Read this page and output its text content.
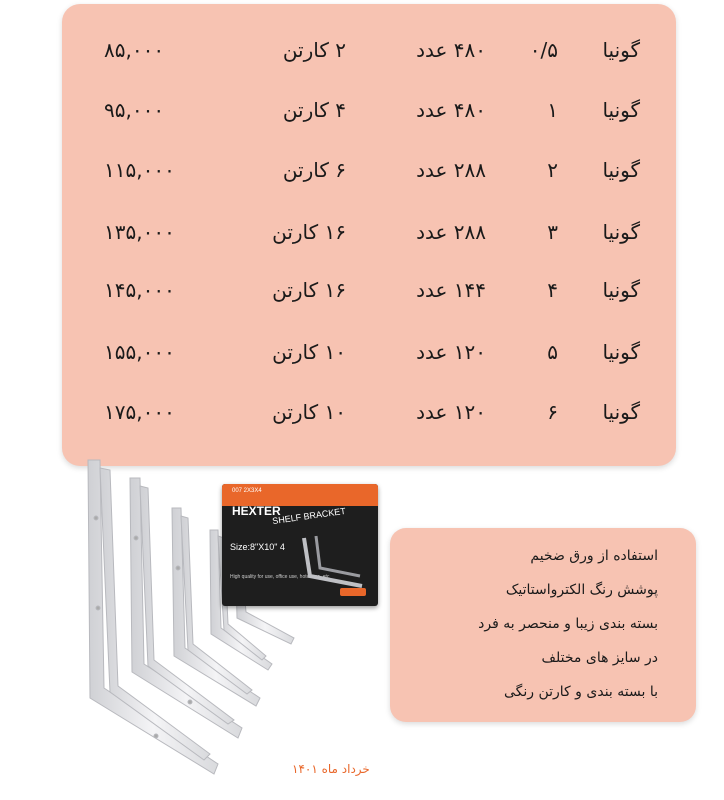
گونیا
۰/۵
۴۸۰ عدد
۲ کارتن
۸۵,۰۰۰
گونیا
۱
۴۸۰ عدد
۴ کارتن
۹۵,۰۰۰
گونیا
۲
۲۸۸ عدد
۶ کارتن
۱۱۵,۰۰۰
گونیا
۳
۲۸۸ عدد
۱۶ کارتن
۱۳۵,۰۰۰
گونیا
۴
۱۴۴ عدد
۱۶ کارتن
۱۴۵,۰۰۰
گونیا
۵
۱۲۰ عدد
۱۰ کارتن
۱۵۵,۰۰۰
گونیا
۶
۱۲۰ عدد
۱۰ کارتن
۱۷۵,۰۰۰
007 2X3X4
HEXTER
SHELF BRACKET
Size:8"X10" 4
High quality for use, office use, hotel use, etc
استفاده از ورق ضخیم
پوشش رنگ الکترواستاتیک
بسته بندی زیبا و منحصر به فرد
در سایز های مختلف
با بسته بندی و کارتن رنگی
خرداد ماه ۱۴۰۱
